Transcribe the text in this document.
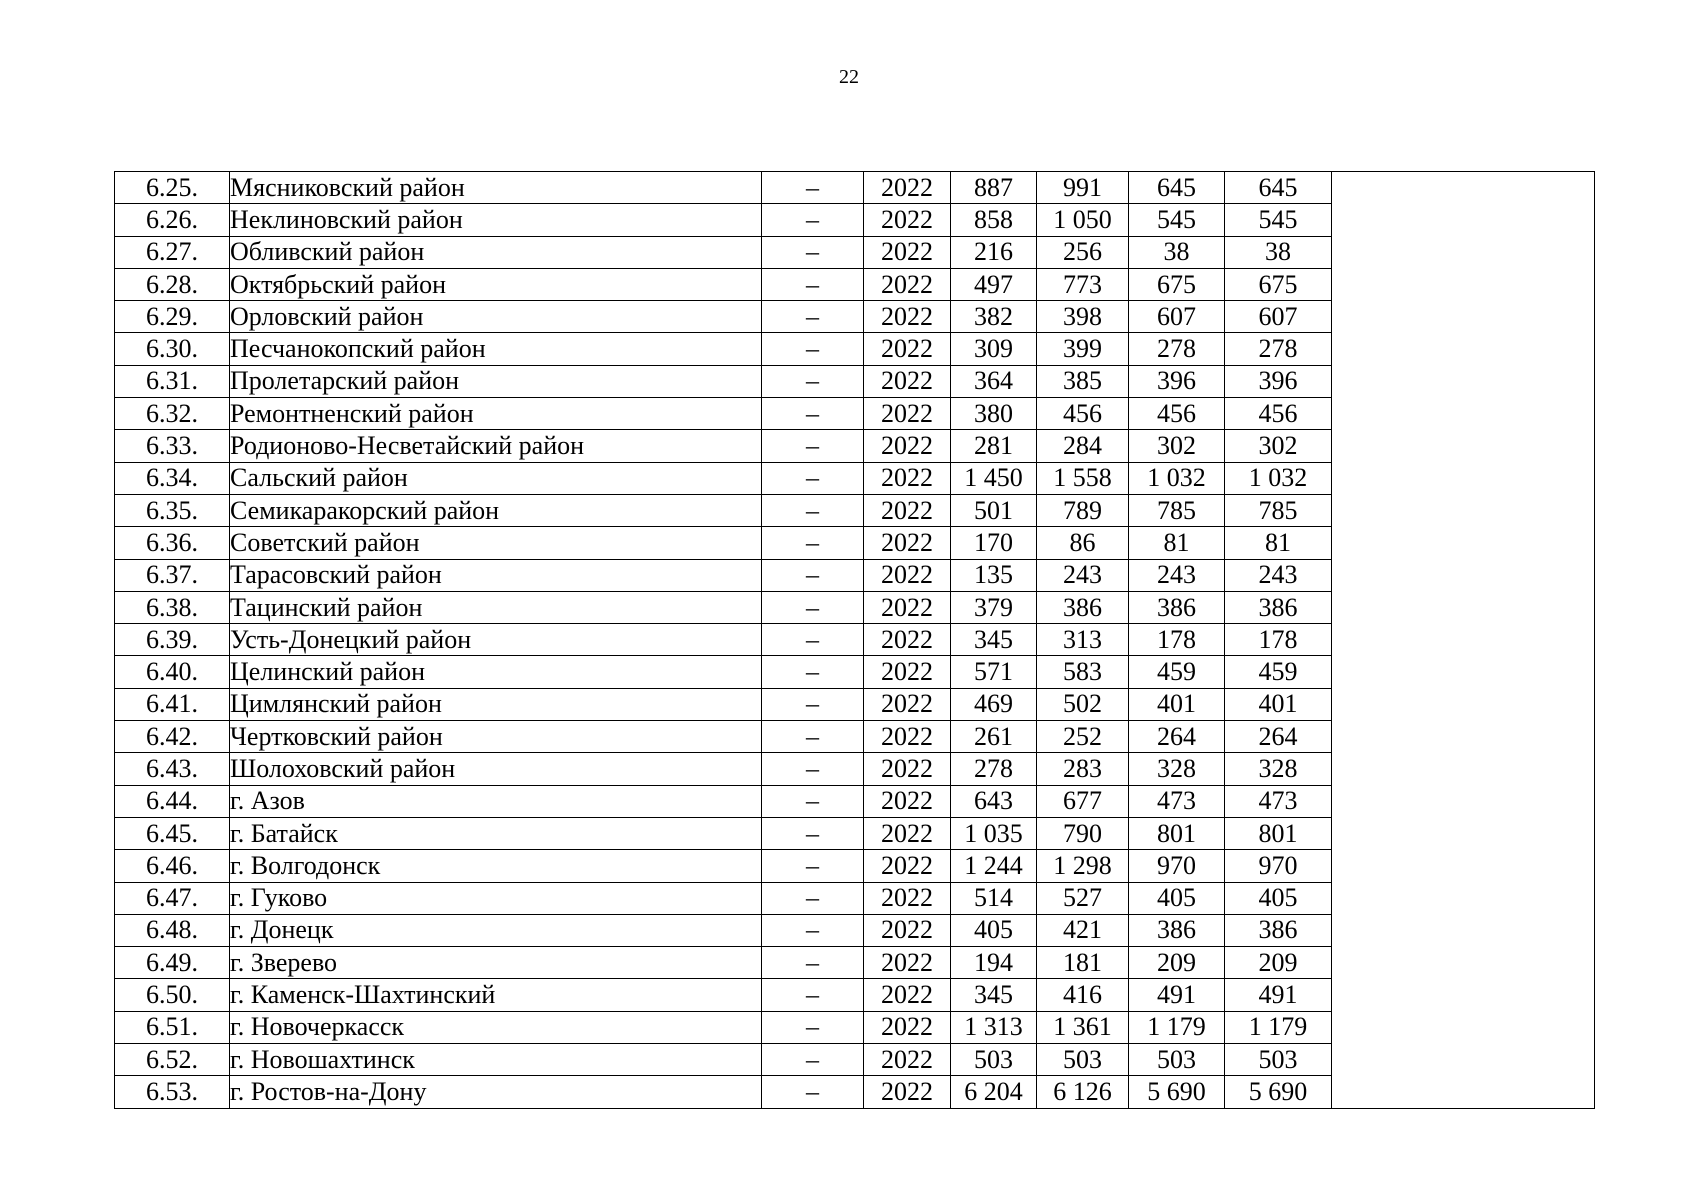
22
6.25.	Мясниковский район	–	2022	887	991	645	645	
6.26.	Неклиновский район	–	2022	858	1 050	545	545	
6.27.	Обливский район	–	2022	216	256	38	38	
6.28.	Октябрьский район	–	2022	497	773	675	675	
6.29.	Орловский район	–	2022	382	398	607	607	
6.30.	Песчанокопский район	–	2022	309	399	278	278	
6.31.	Пролетарский район	–	2022	364	385	396	396	
6.32.	Ремонтненский район	–	2022	380	456	456	456	
6.33.	Родионово-Несветайский район	–	2022	281	284	302	302	
6.34.	Сальский район	–	2022	1 450	1 558	1 032	1 032	
6.35.	Семикаракорский район	–	2022	501	789	785	785	
6.36.	Советский район	–	2022	170	86	81	81	
6.37.	Тарасовский район	–	2022	135	243	243	243	
6.38.	Тацинский район	–	2022	379	386	386	386	
6.39.	Усть-Донецкий район	–	2022	345	313	178	178	
6.40.	Целинский район	–	2022	571	583	459	459	
6.41.	Цимлянский район	–	2022	469	502	401	401	
6.42.	Чертковский район	–	2022	261	252	264	264	
6.43.	Шолоховский район	–	2022	278	283	328	328	
6.44.	г. Азов	–	2022	643	677	473	473	
6.45.	г. Батайск	–	2022	1 035	790	801	801	
6.46.	г. Волгодонск	–	2022	1 244	1 298	970	970	
6.47.	г. Гуково	–	2022	514	527	405	405	
6.48.	г. Донецк	–	2022	405	421	386	386	
6.49.	г. Зверево	–	2022	194	181	209	209	
6.50.	г. Каменск-Шахтинский	–	2022	345	416	491	491	
6.51.	г. Новочеркасск	–	2022	1 313	1 361	1 179	1 179	
6.52.	г. Новошахтинск	–	2022	503	503	503	503	
6.53.	г. Ростов-на-Дону	–	2022	6 204	6 126	5 690	5 690	
